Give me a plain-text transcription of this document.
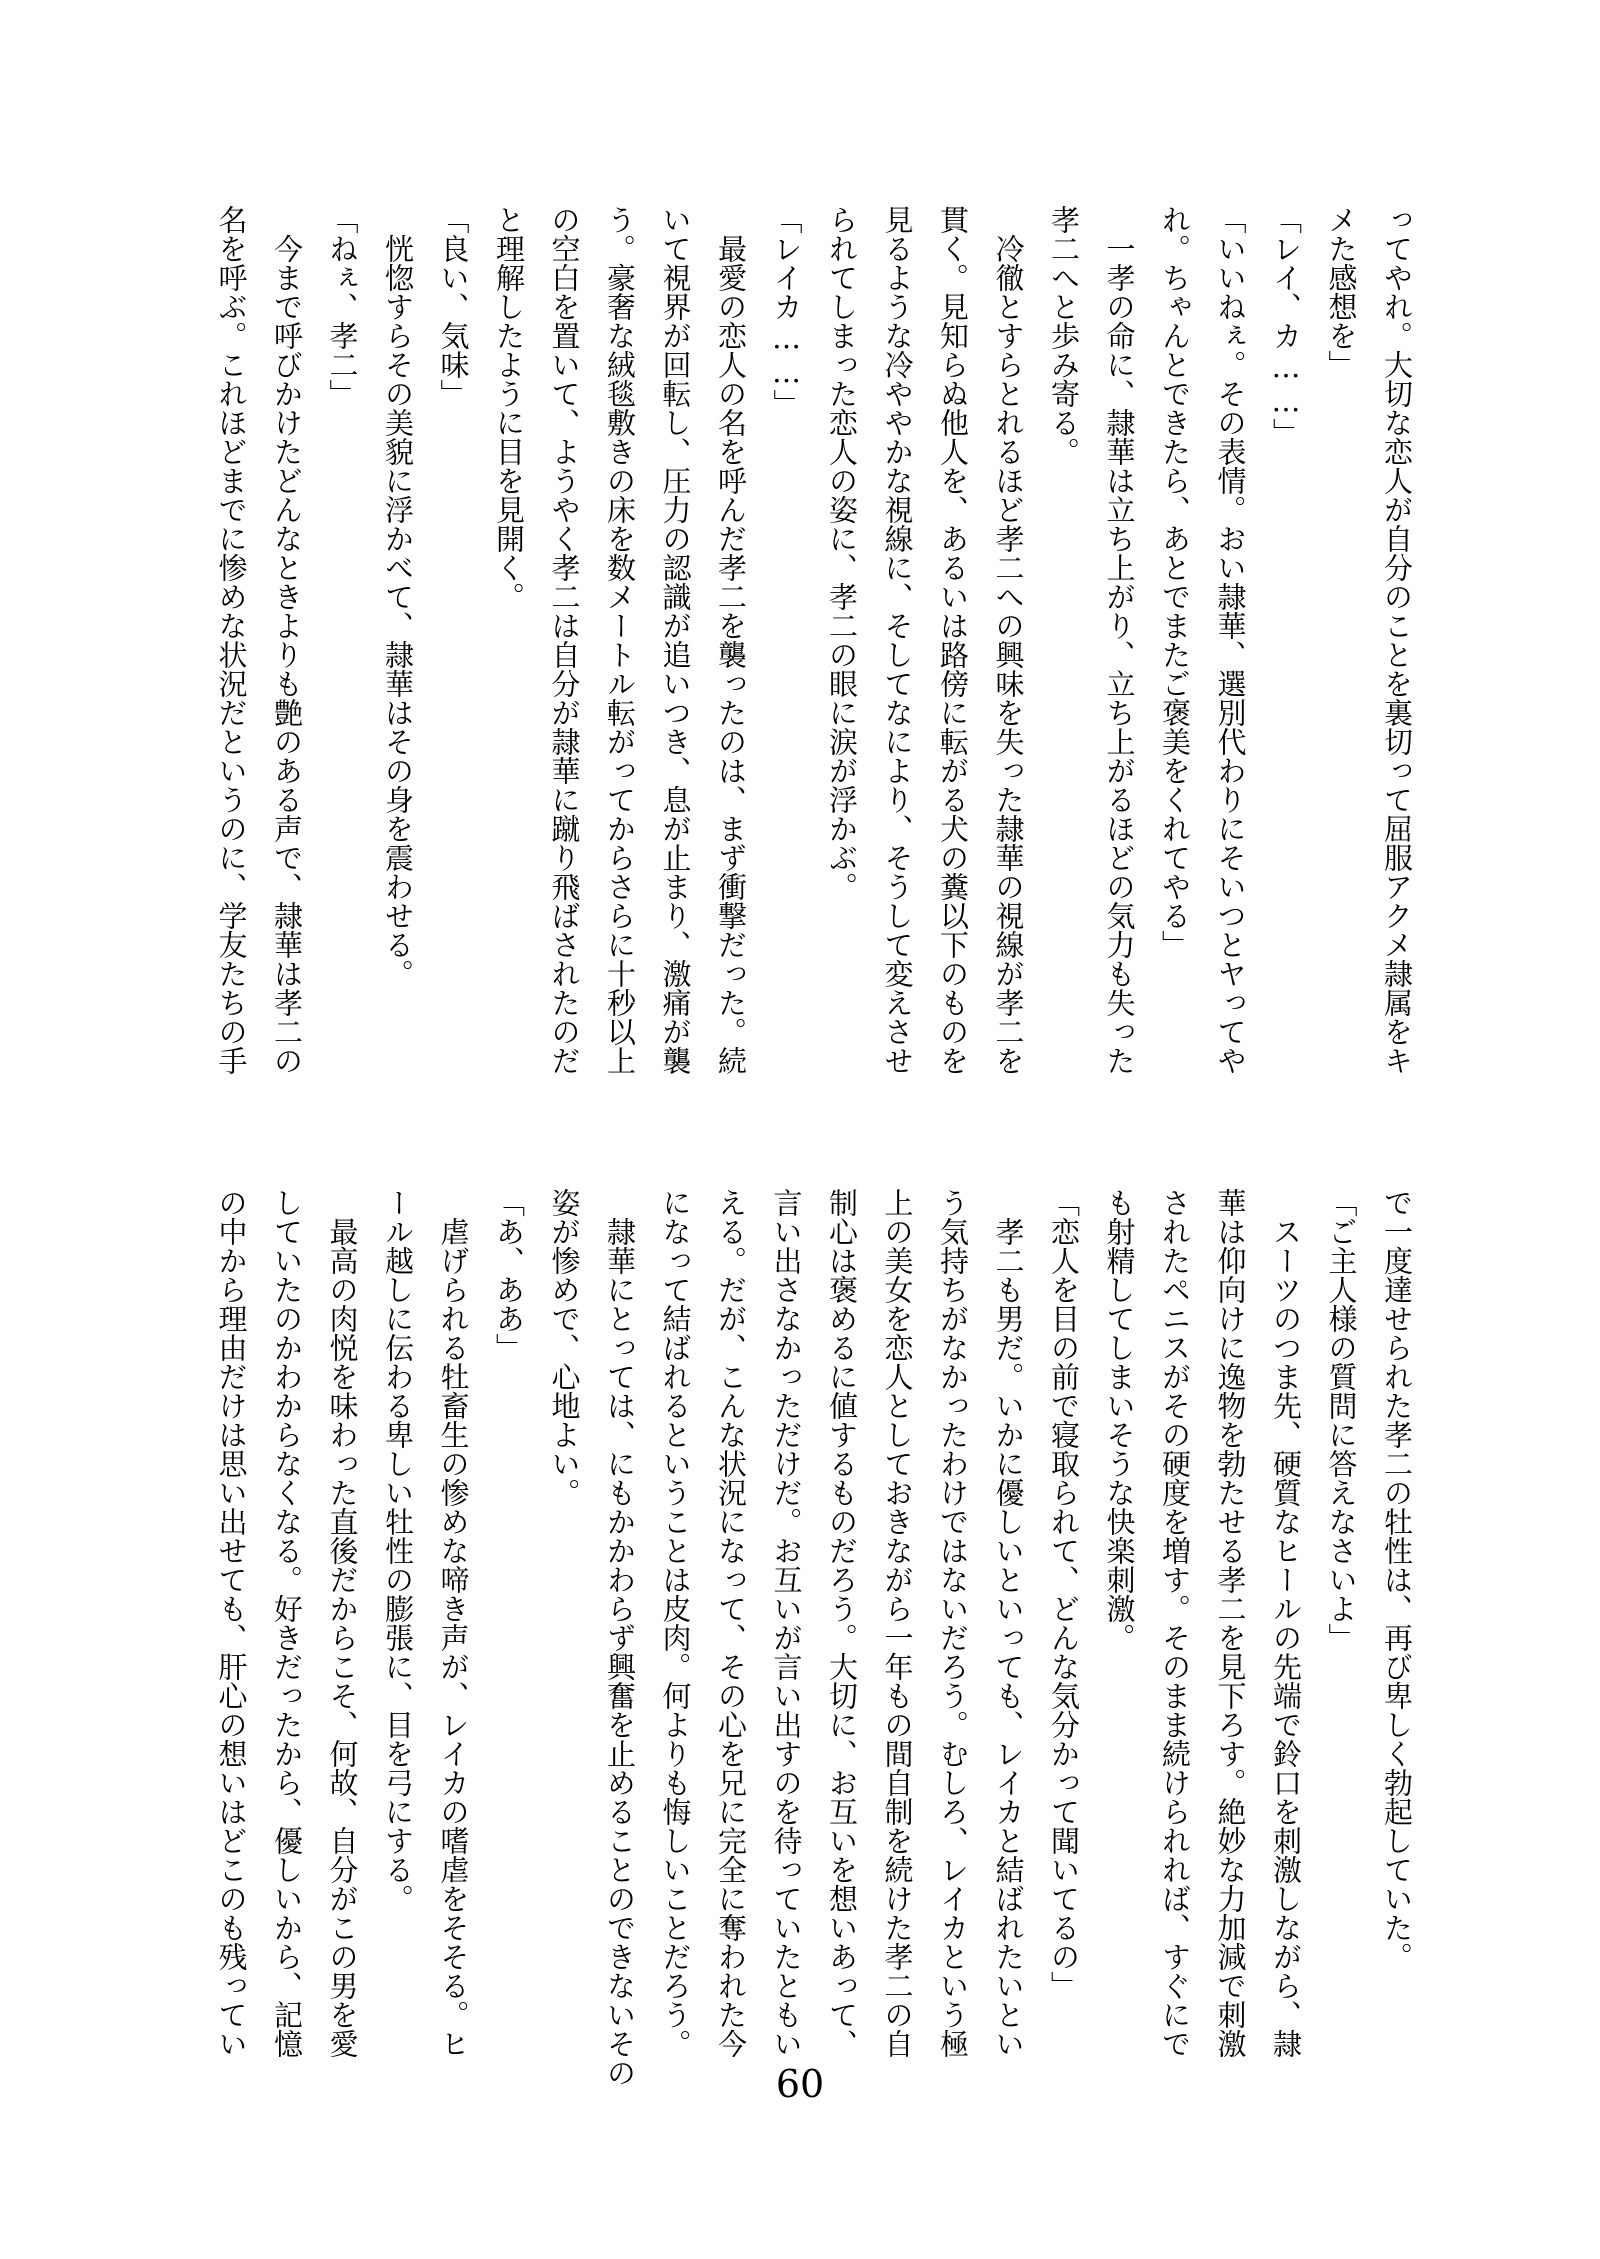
ってやれ。大切な恋人が自分のことを裏切って屈服アクメ隷属をキ
メた感想を」
「レイ、カ……」
「いいねぇ。その表情。おい隷華、選別代わりにそいつとヤってや
れ。ちゃんとできたら、あとでまたご褒美をくれてやる」
一孝の命に、隷華は立ち上がり、立ち上がるほどの気力も失った
孝二へと歩み寄る。
冷徹とすらとれるほど孝二への興味を失った隷華の視線が孝二を
貫く。見知らぬ他人を、あるいは路傍に転がる犬の糞以下のものを
見るような冷ややかな視線に、そしてなにより、そうして変えさせ
られてしまった恋人の姿に、孝二の眼に涙が浮かぶ。
「レイカ……」
最愛の恋人の名を呼んだ孝二を襲ったのは、まず衝撃だった。続
いて視界が回転し、圧力の認識が追いつき、息が止まり、激痛が襲
う。豪奢な絨毯敷きの床を数メートル転がってからさらに十秒以上
の空白を置いて、ようやく孝二は自分が隷華に蹴り飛ばされたのだ
と理解したように目を見開く。
「良い、気味」
恍惚すらその美貌に浮かべて、隷華はその身を震わせる。
「ねぇ、孝二」
今まで呼びかけたどんなときよりも艶のある声で、隷華は孝二の
名を呼ぶ。これほどまでに惨めな状況だというのに、学友たちの手
で一度達せられた孝二の牡性は、再び卑しく勃起していた。
「ご主人様の質問に答えなさいよ」
スーツのつま先、硬質なヒールの先端で鈴口を刺激しながら、隷
華は仰向けに逸物を勃たせる孝二を見下ろす。絶妙な力加減で刺激
されたペニスがその硬度を増す。そのまま続けられれば、すぐにで
も射精してしまいそうな快楽刺激。
「恋人を目の前で寝取られて、どんな気分かって聞いてるの」
孝二も男だ。いかに優しいといっても、レイカと結ばれたいとい
う気持ちがなかったわけではないだろう。むしろ、レイカという極
上の美女を恋人としておきながら一年もの間自制を続けた孝二の自
制心は褒めるに値するものだろう。大切に、お互いを想いあって、
言い出さなかっただけだ。お互いが言い出すのを待っていたともい
える。だが、こんな状況になって、その心を兄に完全に奪われた今
になって結ばれるということは皮肉。何よりも悔しいことだろう。
隷華にとっては、にもかかわらず興奮を止めることのできないその
姿が惨めで、心地よい。
「あ、ああ」
虐げられる牡畜生の惨めな啼き声が、レイカの嗜虐をそそる。ヒ
ール越しに伝わる卑しい牡性の膨張に、目を弓にする。
最高の肉悦を味わった直後だからこそ、何故、自分がこの男を愛
していたのかわからなくなる。好きだったから、優しいから、記憶
の中から理由だけは思い出せても、肝心の想いはどこのも残ってい
60
